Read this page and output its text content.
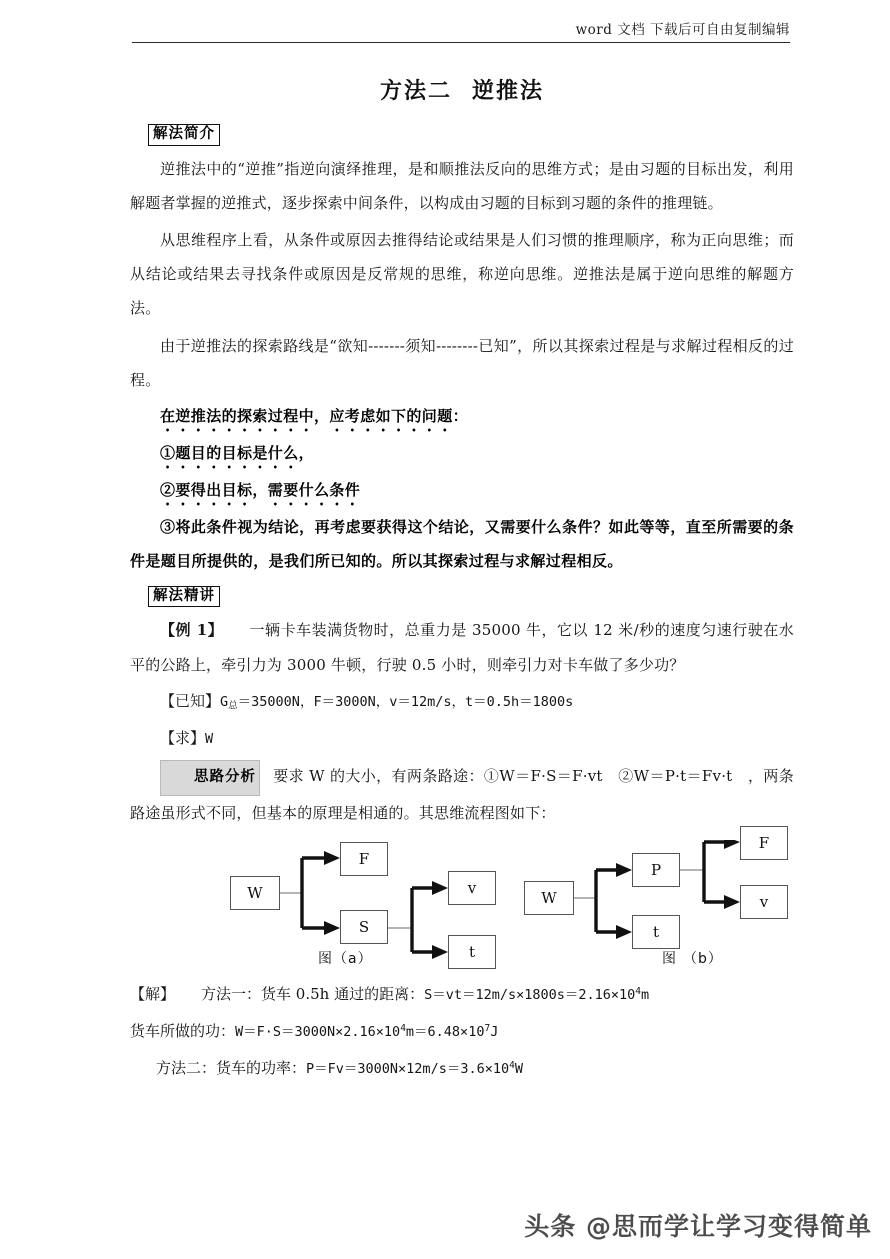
word 文档 下载后可自由复制编辑
方法二 逆推法
解法简介

逆推法中的“逆推”指逆向演绎推理，是和顺推法反向的思维方式；是由习题的目标出发，利用解题者掌握的逆推式，逐步探索中间条件，以构成由习题的目标到习题的条件的推理链。

从思维程序上看，从条件或原因去推得结论或结果是人们习惯的推理顺序，称为正向思维；而从结论或结果去寻找条件或原因是反常规的思维，称逆向思维。逆推法是属于逆向思维的解题方法。

由于逆推法的探索路线是“欲知-------须知--------已知”，所以其探索过程是与求解过程相反的过程。

在逆推法的探索过程中，应考虑如下的问题：

①题目的目标是什么，

②要得出目标，需要什么条件

③将此条件视为结论，再考虑要获得这个结论，又需要什么条件？如此等等，直至所需要的条件是题目所提供的，是我们所已知的。所以其探索过程与求解过程相反。

解法精讲

【例 1】 一辆卡车装满货物时，总重力是 35000 牛，它以 12 米/秒的速度匀速行驶在水平的公路上，牵引力为 3000 牛顿，行驶 0.5 小时，则牵引力对卡车做了多少功？

【已知】$G_总=35000N$，F＝3000N，v＝12m/s，t＝0.5h＝1800s

【求】W

思路分析 要求 W 的大小，有两条路途：①W＝F·S＝F·vt　②W＝P·t＝Fv·t　，两条路途虽形式不同，但基本的原理是相通的。其思维流程图如下：

W
F
S
v
t
图（a）
W
P
t
F
v
图 （b）

【解】 方法一：货车 0.5h 通过的距离：$S=vt=12m/s\times 1800s=2.16\times 10^4m$

货车所做的功：$W=F\cdot S=3000N\times 2.16\times 10^4m=6.48\times 10^7J$

方法二：货车的功率：$P=Fv=3000N\times 12m/s=3.6\times 10^4W$

头条 @思而学让学习变得简单
